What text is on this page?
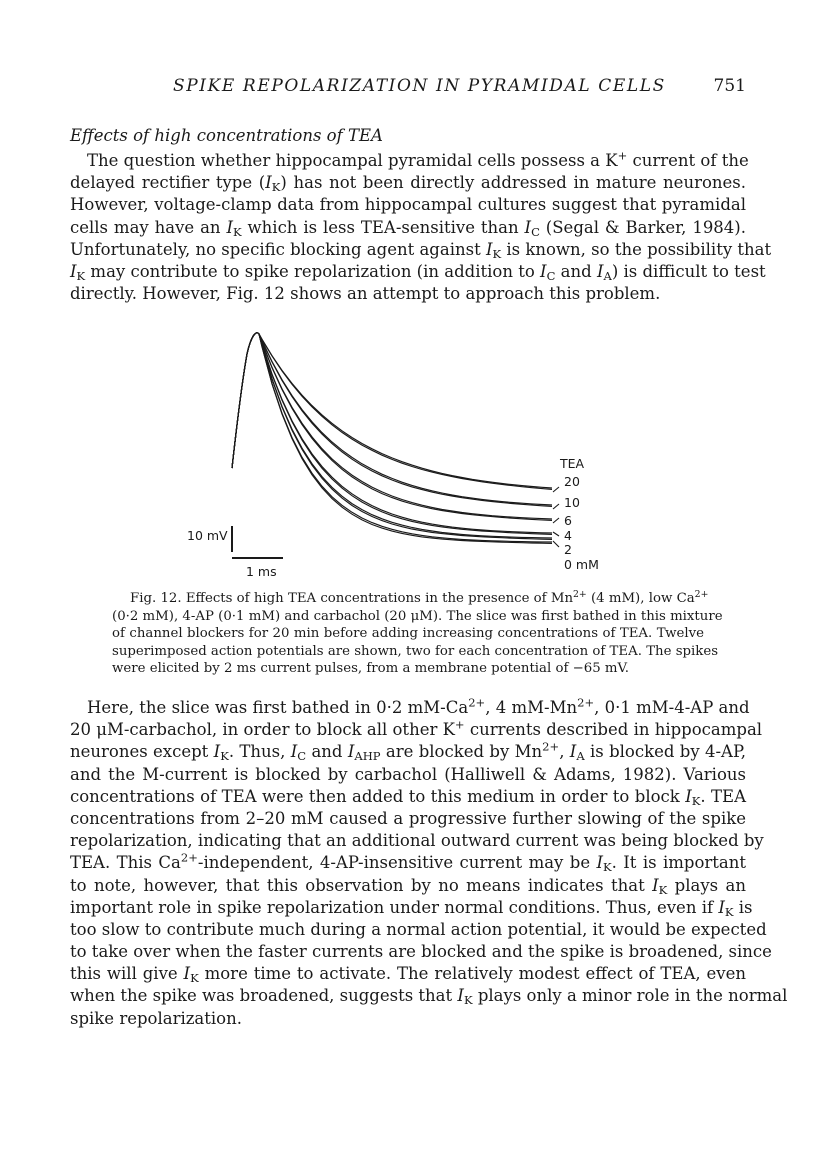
SPIKE REPOLARIZATION IN PYRAMIDAL CELLS	751
Effects of high concentrations of TEA
The question whether hippocampal pyramidal cells possess a K+ current of the
delayed rectifier type $(I_K)$ has not been directly addressed in mature neurones.
However, voltage-clamp data from hippocampal cultures suggest that pyramidal
cells may have an $I_K$ which is less TEA-sensitive than $I_C$ (Segal & Barker, 1984).
Unfortunately, no specific blocking agent against $I_K$ is known, so the possibility that
$I_K$ may contribute to spike repolarization (in addition to $I_C$ and $I_A$) is difficult to test
directly. However, Fig. 12 shows an attempt to approach this problem.
TEA
20
10
6
4
2
0 mM
10 mV
1 ms
Fig. 12. Effects of high TEA concentrations in the presence of $Mn^{2+}$ (4 mM), low $Ca^{2+}$
(0·2 mM), 4-AP (0·1 mM) and carbachol (20 μM). The slice was first bathed in this mixture
of channel blockers for 20 min before adding increasing concentrations of TEA. Twelve
superimposed action potentials are shown, two for each concentration of TEA. The spikes
were elicited by 2 ms current pulses, from a membrane potential of −65 mV.
Here, the slice was first bathed in 0·2 $mM-Ca^{2+}$, 4 $mM-Mn^{2+}$, 0·1 mM-4-AP and
20 μM-carbachol, in order to block all other K+ currents described in hippocampal
neurones except $I_K$. Thus, $I_C$ and $I_{AHP}$ are blocked by $Mn^{2+}$, $I_A$ is blocked by 4-AP,
and the M-current is blocked by carbachol (Halliwell & Adams, 1982). Various
concentrations of TEA were then added to this medium in order to block $I_K$. TEA
concentrations from 2–20 mM caused a progressive further slowing of the spike
repolarization, indicating that an additional outward current was being blocked by
TEA. This $Ca^{2+}$-independent, 4-AP-insensitive current may be $I_K$. It is important
to note, however, that this observation by no means indicates that $I_K$ plays an
important role in spike repolarization under normal conditions. Thus, even if $I_K$ is
too slow to contribute much during a normal action potential, it would be expected
to take over when the faster currents are blocked and the spike is broadened, since
this will give $I_K$ more time to activate. The relatively modest effect of TEA, even
when the spike was broadened, suggests that $I_K$ plays only a minor role in the normal
spike repolarization.
